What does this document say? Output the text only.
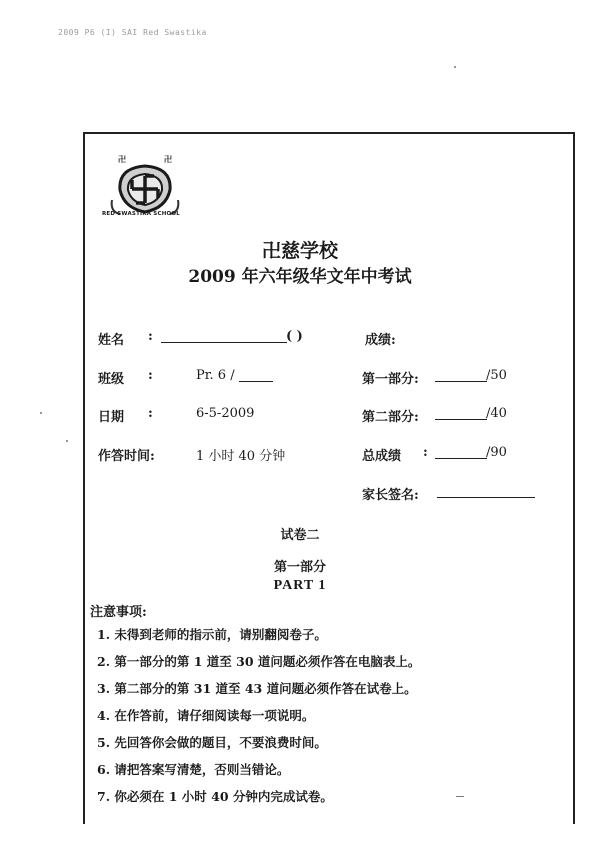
2009 P6 (I) SAI Red Swastika
卍	卍
RED SWASTIKA SCHOOL
卍慈学校
2009 年六年级华文年中考试
姓名 :	( )	成绩:
班级 :	Pr. 6 /	第一部分:	/50
日期 :	6-5-2009	第二部分:	/40
作答时间:	1 小时 40 分钟	总成绩 :	/90
家长签名:
试卷二
第一部分
PART 1
注意事项:
1. 未得到老师的指示前，请别翻阅卷子。
2. 第一部分的第 1 道至 30 道问题必须作答在电脑表上。
3. 第二部分的第 31 道至 43 道问题必须作答在试卷上。
4. 在作答前，请仔细阅读每一项说明。
5. 先回答你会做的题目，不要浪费时间。
6. 请把答案写清楚，否则当错论。
7. 你必须在 1 小时 40 分钟内完成试卷。
